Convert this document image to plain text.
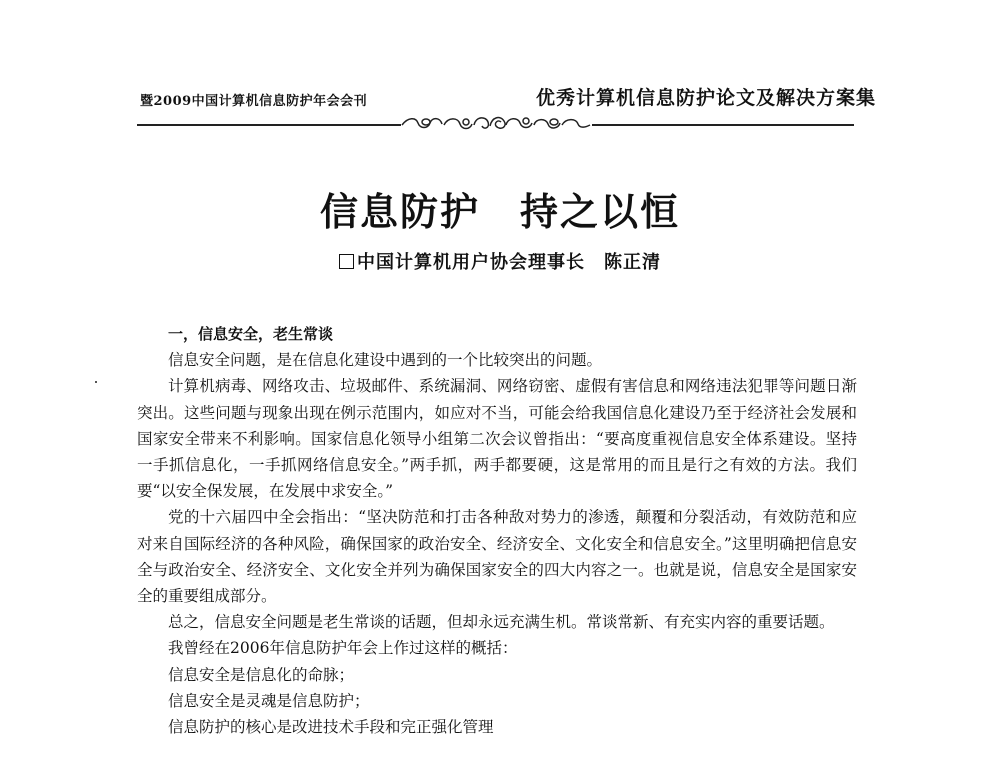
暨2009中国计算机信息防护年会会刊	优秀计算机信息防护论文及解决方案集
信息防护　持之以恒
中国计算机用户协会理事长　陈正清

一，信息安全，老生常谈

信息安全问题，是在信息化建设中遇到的一个比较突出的问题。

计算机病毒、网络攻击、垃圾邮件、系统漏洞、网络窃密、虚假有害信息和网络违法犯罪等问题日渐突出。这些问题与现象出现在例示范围内，如应对不当，可能会给我国信息化建设乃至于经济社会发展和国家安全带来不利影响。国家信息化领导小组第二次会议曾指出：“要高度重视信息安全体系建设。坚持一手抓信息化，一手抓网络信息安全。”两手抓，两手都要硬，这是常用的而且是行之有效的方法。我们要“以安全保发展，在发展中求安全。”

党的十六届四中全会指出：“坚决防范和打击各种敌对势力的渗透，颠覆和分裂活动，有效防范和应对来自国际经济的各种风险，确保国家的政治安全、经济安全、文化安全和信息安全。”这里明确把信息安全与政治安全、经济安全、文化安全并列为确保国家安全的四大内容之一。也就是说，信息安全是国家安全的重要组成部分。

总之，信息安全问题是老生常谈的话题，但却永远充满生机。常谈常新、有充实内容的重要话题。

我曾经在2006年信息防护年会上作过这样的概括：

信息安全是信息化的命脉；

信息安全是灵魂是信息防护；

信息防护的核心是改进技术手段和完正强化管理
